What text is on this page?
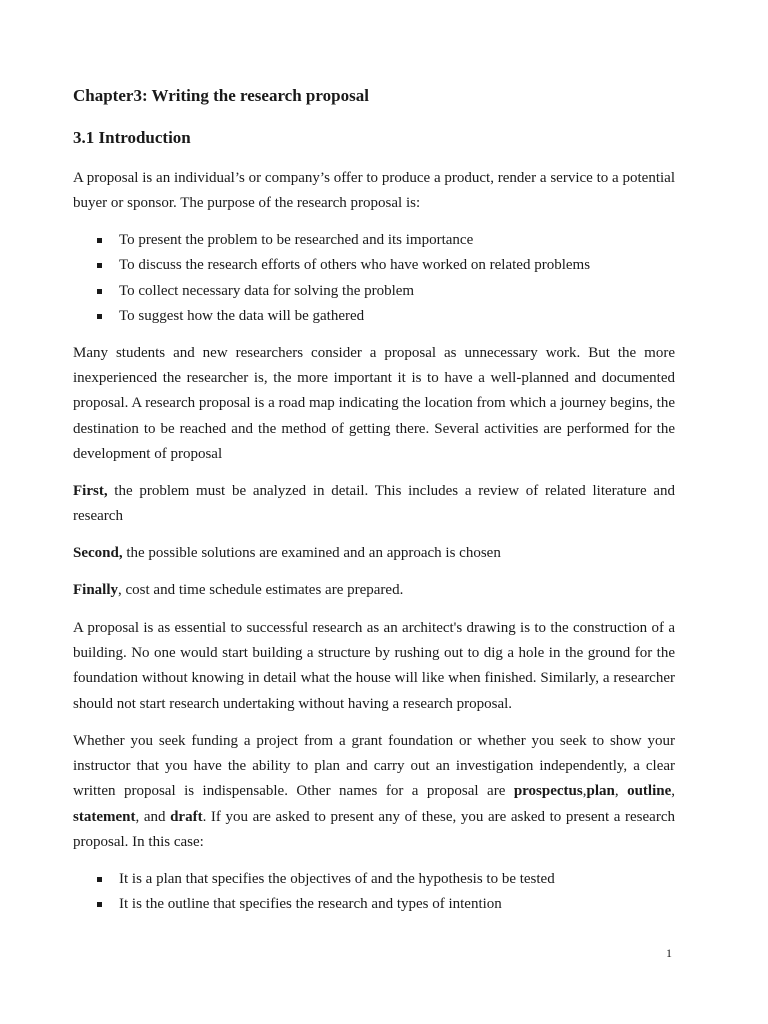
Chapter3: Writing the research proposal
3.1 Introduction

A proposal is an individual’s or company’s offer to produce a product, render a service to a potential buyer or sponsor. The purpose of the research proposal is:

To present the problem to be researched and its importance
To discuss the research efforts of others who have worked on related problems
To collect necessary data for solving the problem
To suggest how the data will be gathered

Many students and new researchers consider a proposal as unnecessary work. But the more inexperienced the researcher is, the more important it is to have a well-planned and documented proposal. A research proposal is a road map indicating the location from which a journey begins, the destination to be reached and the method of getting there. Several activities are performed for the development of proposal

First, the problem must be analyzed in detail. This includes a review of related literature and research

Second, the possible solutions are examined and an approach is chosen

Finally, cost and time schedule estimates are prepared.

A proposal is as essential to successful research as an architect's drawing is to the construction of a building. No one would start building a structure by rushing out to dig a hole in the ground for the foundation without knowing in detail what the house will like when finished. Similarly, a researcher should not start research undertaking without having a research proposal.

Whether you seek funding a project from a grant foundation or whether you seek to show your instructor that you have the ability to plan and carry out an investigation independently, a clear written proposal is indispensable. Other names for a proposal are prospectus,plan, outline, statement, and draft. If you are asked to present any of these, you are asked to present a research proposal. In this case:

It is a plan that specifies the objectives of and the hypothesis to be tested
It is the outline that specifies the research and types of intention

1
